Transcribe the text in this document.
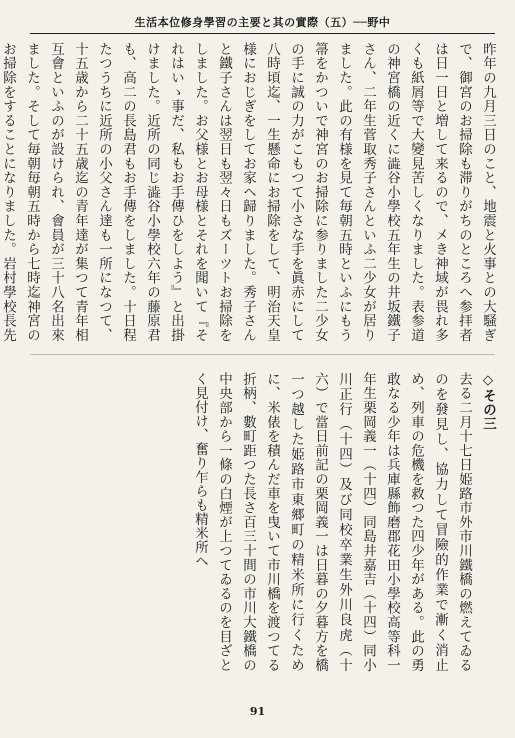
生活本位修身學習の主要と其の實際（五）──野中
昨年の九月三日のこと、地震と火事との大騒ぎで、御宮のお掃除も滞りがちのところへ参拝者は日一日と増して来るので、㐅き神域が畏れ多くも紙屑等で大變見苦しくなりました。表参道の神宮橋の近くに澁谷小學校五年生の井坂鐵子さん、二年生菅取秀子さんといふ二少女が居りました。此の有様を見て毎朝五時といふにもう箒をかついで神宮のお掃除に参りました二少女の手に誠の力がこもつて小さな手を眞赤にして八時頃迄、一生懸命にお掃除をして、明治天皇様におじぎをしてお家へ歸りました。秀子さんと鐵子さんは翌日も翌々日もズーツトお掃除をしました。お父様とお母様とそれを聞いて『それはいゝ事だ、私もお手傳ひをしよう』と出掛けました。近所の同じ澁谷小學校六年の藤原君も、高二の長島君もお手傳をしました。十日程たつうちに近所の小父さん達も一所になつて、十五歳から二十五歳迄の青年達が集つて青年相互會といふのが設けられ、會員が三十八名出來ました。そして毎朝毎朝五時から七時迄神宮のお掃除をすることになりました。岩村學校長先
◇その三
去る二月十七日姫路市外市川鐵橋の燃えてゐるのを發見し、協力して冒險的作業で漸く消止め、列車の危機を救つた四少年がある。此の勇敢なる少年は兵庫縣飾磨郡花田小學校高等科一年生栗岡義一（十四）同島井嘉吉（十四）同小川正行（十四）及び同校卒業生外川良虎（十六）で當日前記の栗岡義一は日暮の夕暮方を橋一つ越した姫路市東郷町の精米所に行くために、米俵を積んだ車を曳いて市川橋を渡つてる折柄、數町距つた長さ百三十間の市川大鐵橋の中央部から一條の白煙が上つてゐるのを目ざとく見付け、奮り乍らも精米所へ
91
